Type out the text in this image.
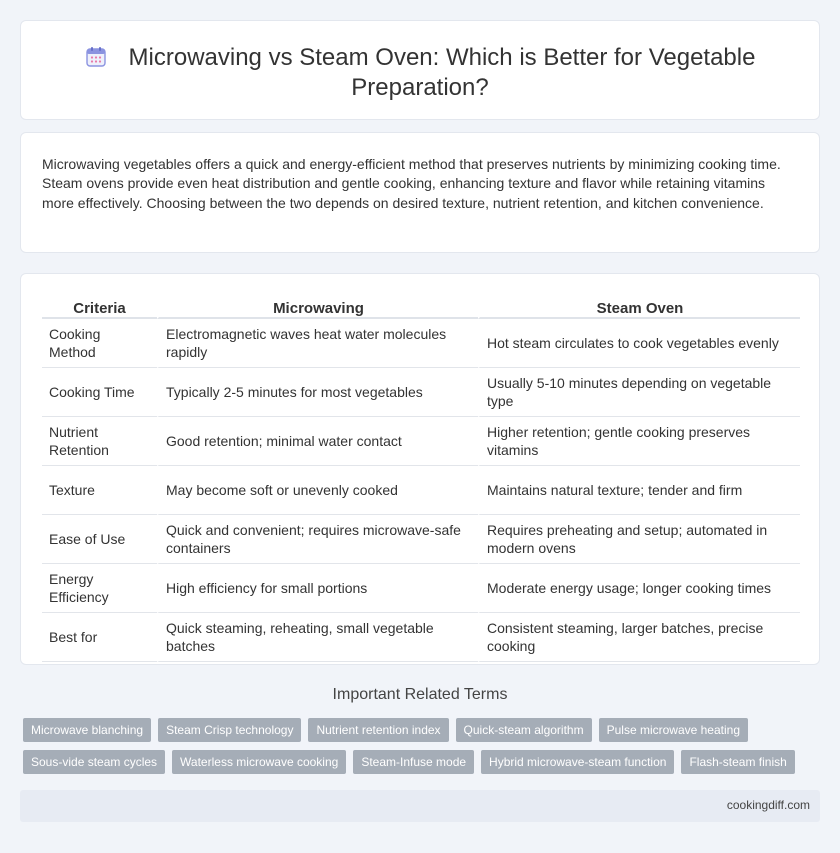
Microwaving vs Steam Oven: Which is Better for Vegetable Preparation?

Microwaving vegetables offers a quick and energy-efficient method that preserves nutrients by minimizing cooking time. Steam ovens provide even heat distribution and gentle cooking, enhancing texture and flavor while retaining vitamins more effectively. Choosing between the two depends on desired texture, nutrient retention, and kitchen convenience.

Criteria	Microwaving	Steam Oven
Cooking Method	Electromagnetic waves heat water molecules rapidly	Hot steam circulates to cook vegetables evenly
Cooking Time	Typically 2-5 minutes for most vegetables	Usually 5-10 minutes depending on vegetable type
Nutrient Retention	Good retention; minimal water contact	Higher retention; gentle cooking preserves vitamins
Texture	May become soft or unevenly cooked	Maintains natural texture; tender and firm
Ease of Use	Quick and convenient; requires microwave-safe containers	Requires preheating and setup; automated in modern ovens
Energy Efficiency	High efficiency for small portions	Moderate energy usage; longer cooking times
Best for	Quick steaming, reheating, small vegetable batches	Consistent steaming, larger batches, precise cooking
Important Related Terms
Microwave blanching	Steam Crisp technology	Nutrient retention index	Quick-steam algorithm	Pulse microwave heating
Sous-vide steam cycles	Waterless microwave cooking	Steam-Infuse mode	Hybrid microwave-steam function	Flash-steam finish
cookingdiff.com
